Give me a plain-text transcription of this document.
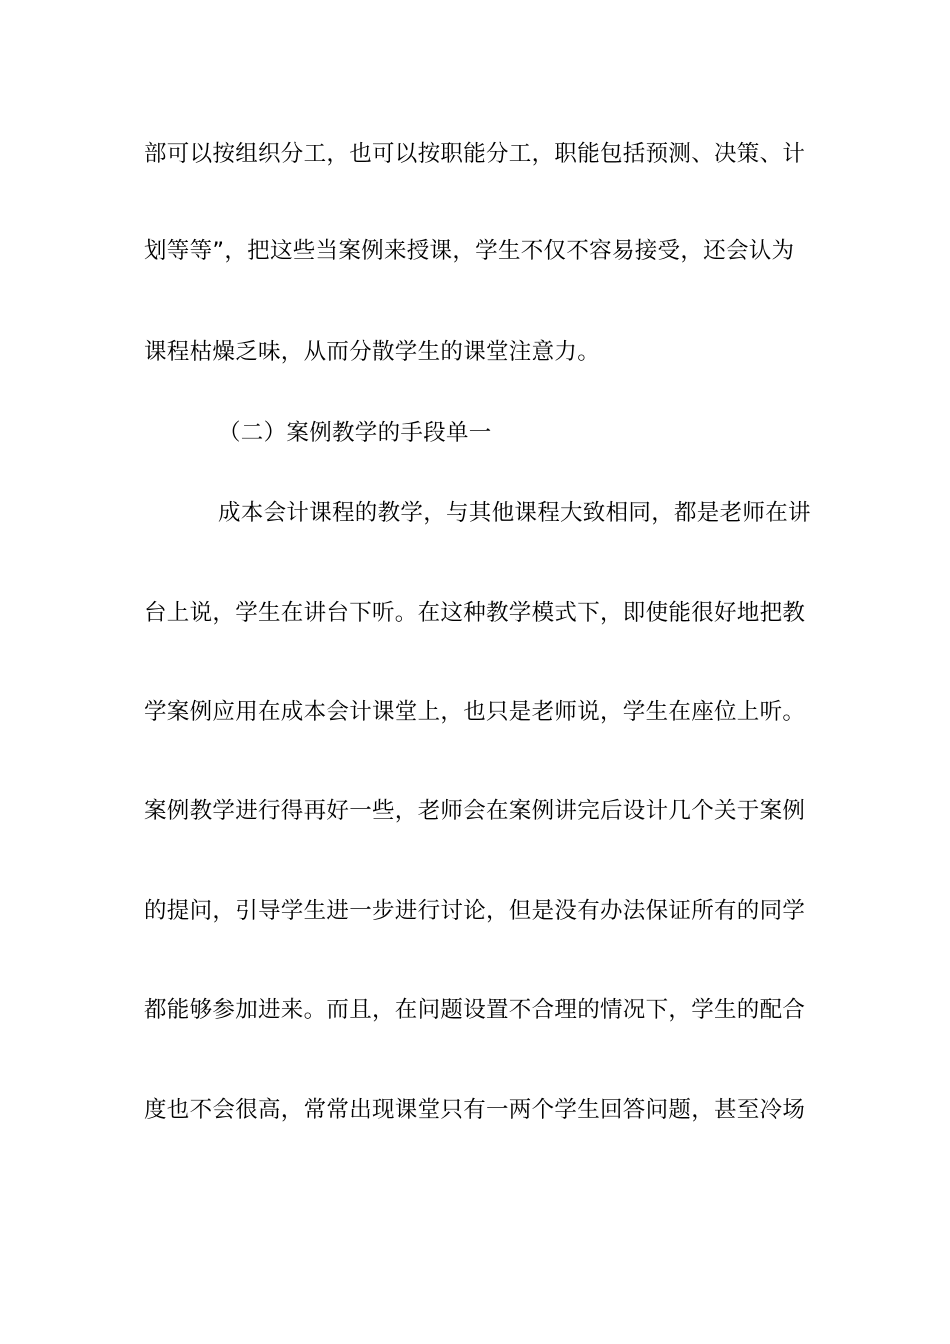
部可以按组织分工，也可以按职能分工，职能包括预测、决策、计
划等等”，把这些当案例来授课，学生不仅不容易接受，还会认为
课程枯燥乏味，从而分散学生的课堂注意力。
（二）案例教学的手段单一
成本会计课程的教学，与其他课程大致相同，都是老师在讲
台上说，学生在讲台下听。在这种教学模式下，即使能很好地把教
学案例应用在成本会计课堂上，也只是老师说，学生在座位上听。
案例教学进行得再好一些，老师会在案例讲完后设计几个关于案例
的提问，引导学生进一步进行讨论，但是没有办法保证所有的同学
都能够参加进来。而且，在问题设置不合理的情况下，学生的配合
度也不会很高，常常出现课堂只有一两个学生回答问题，甚至冷场
